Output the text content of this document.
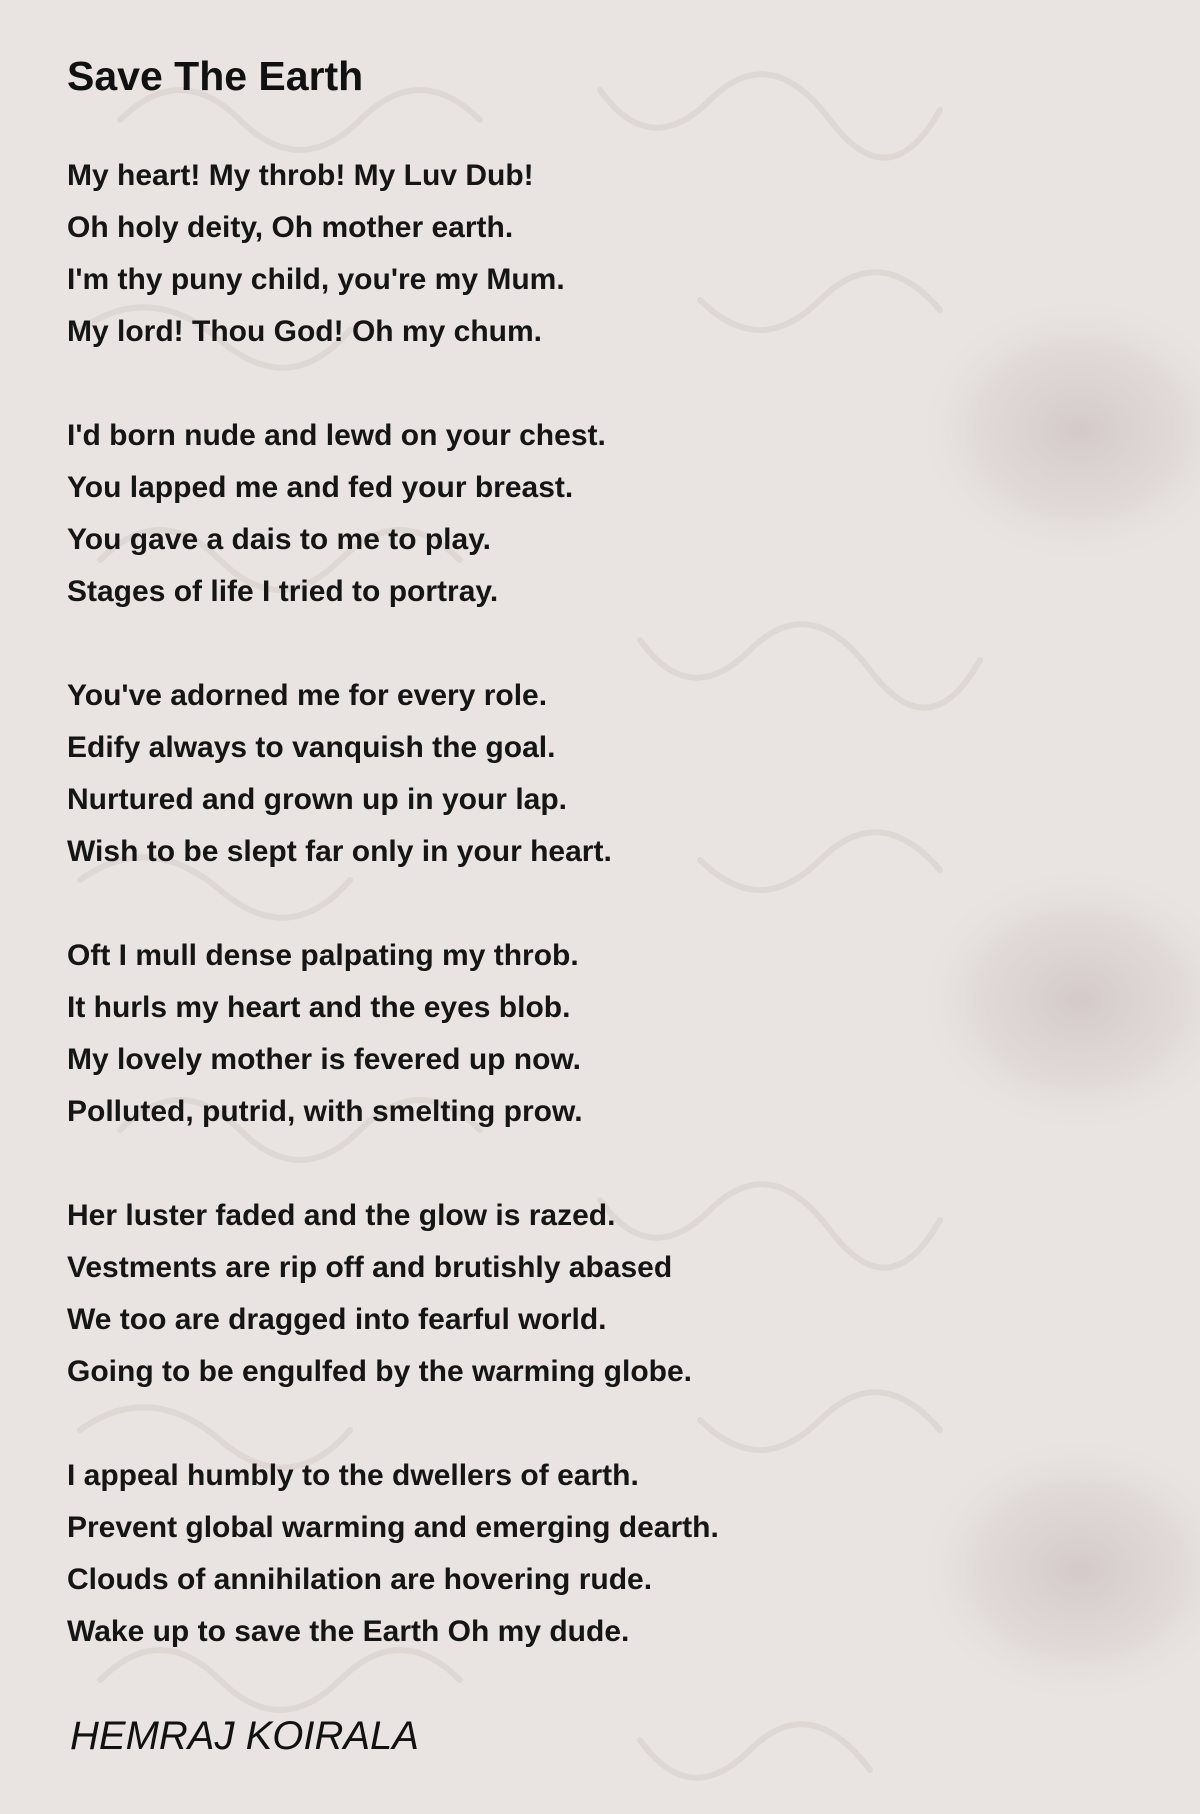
Save The Earth
My heart! My throb! My Luv Dub!
Oh holy deity, Oh mother earth.
I'm thy puny child, you're my Mum.
My lord! Thou God! Oh my chum.
I'd born nude and lewd on your chest.
You lapped me and fed your breast.
You gave a dais to me to play.
Stages of life I tried to portray.
You've adorned me for every role.
Edify always to vanquish the goal.
Nurtured and grown up in your lap.
Wish to be slept far only in your heart.
Oft I mull dense palpating my throb.
It hurls my heart and the eyes blob.
My lovely mother is fevered up now.
Polluted, putrid, with smelting prow.
Her luster faded and the glow is razed.
Vestments are rip off and brutishly abased
We too are dragged into fearful world.
Going to be engulfed by the warming globe.
I appeal humbly to the dwellers of earth.
Prevent global warming and emerging dearth.
Clouds of annihilation are hovering rude.
Wake up to save the Earth Oh my dude.

HEMRAJ KOIRALA
